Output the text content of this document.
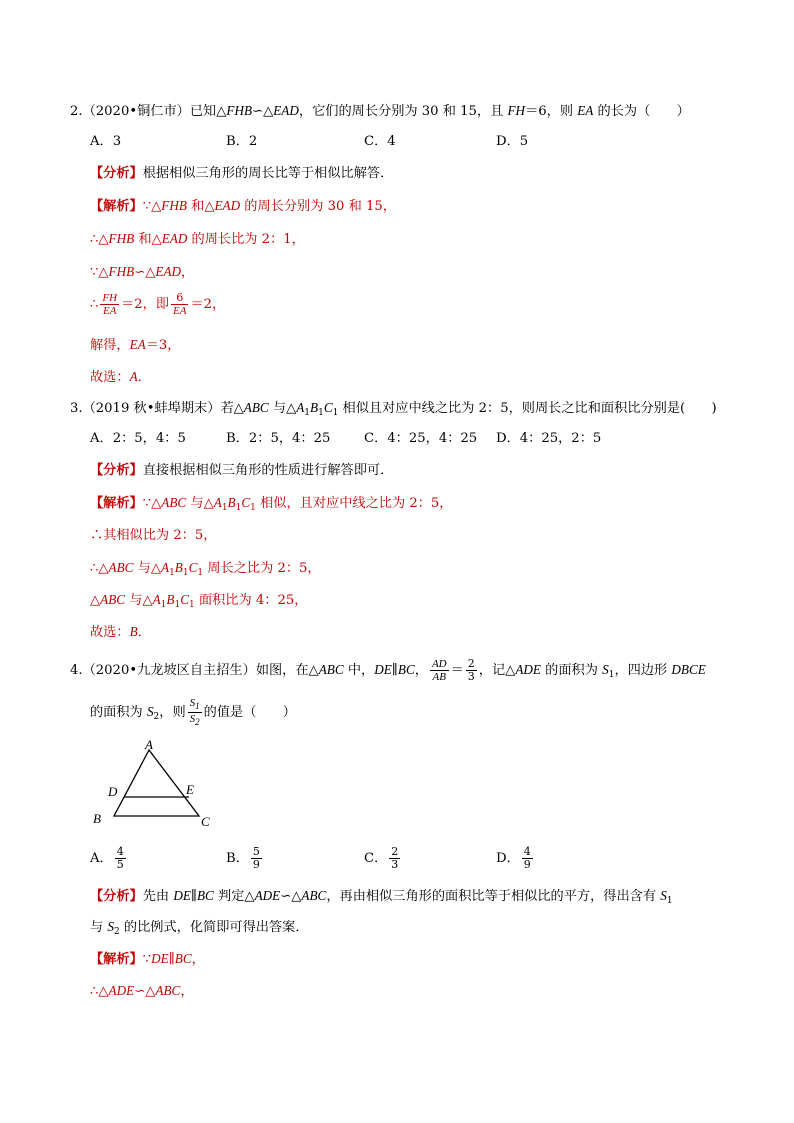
2.（2020•铜仁市）已知△FHB∽△EAD，它们的周长分别为 30 和 15，且 FH＝6，则 EA 的长为（　　）
A．3	B．2	C．4	D．5
【分析】根据相似三角形的周长比等于相似比解答．
【解析】∵△FHB 和△EAD 的周长分别为 30 和 15，
∴△FHB 和△EAD 的周长比为 2：1，
∵△FHB∽△EAD，
∴ $\frac{FH}{EA} =2$，即 $\frac{6}{EA} =2$，
解得，EA＝3，
故选：A．
3.（2019 秋•蚌埠期末）若△ABC 与$\triangle A_1B_1C_1$ 相似且对应中线之比为 2：5，则周长之比和面积比分别是(　　)
A．2：5，4：5	B．2：5，4：25	C．4：25，4：25 D．4：25，2：5
【分析】直接根据相似三角形的性质进行解答即可．
【解析】∵△ABC 与$\triangle A_1B_1C_1$ 相似，且对应中线之比为 2：5，
∴其相似比为 2：5，
∴△ABC 与$\triangle A_1B_1C_1$ 周长之比为 2：5，
△ABC 与$\triangle A_1B_1C_1$ 面积比为 4：25，
故选：B．
4.（2020•九龙坡区自主招生）如图，在△ABC 中，DE∥BC， $\frac{AD}{AB} = \frac{2}{3}$ ，记△ADE 的面积为 $S_1$，四边形 DBCE
的面积为 $S_2$，则 $\frac{S_1}{S_2}$ 的值是（　　）
A
B	C
D	E
A． $\frac{4}{5}$	B． $\frac{5}{9}$	C． $\frac{2}{3}$	D． $\frac{4}{9}$
【分析】先由 DE∥BC 判定△ADE∽△ABC，再由相似三角形的面积比等于相似比的平方，得出含有 $S_1$
与 $S_2$ 的比例式，化简即可得出答案．
【解析】∵DE∥BC，
∴△ADE∽△ABC，
